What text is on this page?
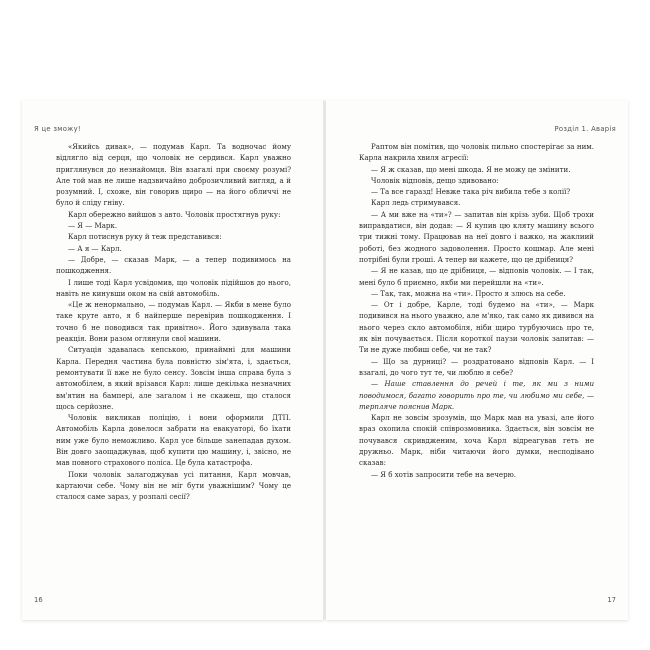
Я це зможу!

«Якийсь дивак», — подумав Карл. Та водночас йому відлягло від серця, що чоловік не сердився. Карл уважно приглянувся до незнайомця. Він взагалі при своєму розумі? Але той мав не лише надзвичайно доброзичливий вигляд, а й розумний. І, схоже, він говорив щиро — на його обличчі не було й сліду гніву.

Карл обережно вийшов з авто. Чоловік простягнув руку:

— Я — Марк.

Карл потиснув руку й теж представився:

— А я — Карл.

— Добре, — сказав Марк, — а тепер подивимось на пошкодження.

І лише тоді Карл усвідомив, що чоловік підійшов до нього, навіть не кинувши оком на свій автомобіль.

«Це ж ненормально, — подумав Карл. — Якби в мене було таке круте авто, я б найперше перевірив пошкодження. І точно б не поводився так привітно». Його здивувала така реакція. Вони разом оглянули свої машини.

Ситуація здавалась кепською, принаймні для машини Карла. Передня частина була повністю зім'ята, і, здається, ремонтувати її вже не було сенсу. Зовсім інша справа була з автомобілем, в який врізався Карл: лише декілька незначних вм'ятин на бампері, але загалом і не скажеш, що сталося щось серйозне.

Чоловік викликав поліцію, і вони оформили ДТП. Автомобіль Карла довелося забрати на евакуаторі, бо їхати ним уже було неможливо. Карл усе більше занепадав духом. Він довго заощаджував, щоб купити цю машину, і, звісно, не мав повного страхового поліса. Це була катастрофа.

Поки чоловік залагоджував усі питання, Карл мовчав, картаючи себе. Чому він не міг бути уважнішим? Чому це сталося саме зараз, у розпалі сесії?

16
Розділ 1. Аварія

Раптом він помітив, що чоловік пильно спостерігає за ним. Карла накрила хвиля агресії:

— Я ж сказав, що мені шкода. Я не можу це змінити.

Чоловік відповів, дещо здивовано:

— Та все гаразд! Невже така річ вибила тебе з колії?

Карл ледь стримувався.

— А ми вже на «ти»? — запитав він крізь зуби. Щоб трохи виправдатися, він додав: — Я купив цю кляту машину всього три тижні тому. Працював на неї довго і важко, на жаклиий роботі, без жодного задоволення. Просто кошмар. Але мені потрібні були гроші. А тепер ви кажете, що це дрібниця?

— Я не казав, що це дрібниця, — відповів чоловік. — І так, мені було б приємно, якби ми перейшли на «ти».

— Так, так, можна на «ти». Просто я злюсь на себе.

— От і добре, Карле, тоді будемо на «ти», — Марк подивився на нього уважно, але м'яко, так само як дивився на нього через скло автомобіля, ніби щиро турбуючись про те, як він почувається. Після короткої паузи чоловік запитав: — Ти не дуже любиш себе, чи не так?

— Що за дурниці? — роздратовано відповів Карл. — І взагалі, до чого тут те, чи люблю я себе?

— Наше ставлення до речей і те, як ми з ними поводимося, багато говорить про те, чи любимо ми себе, — терпляче пояснив Марк.

Карл не зовсім зрозумів, що Марк мав на увазі, але його враз охопила спокій співрозмовника. Здається, він зовсім не почувався скривдженим, хоча Карл відреагував геть не дружньо. Марк, ніби читаючи його думки, несподівано сказав:

— Я б хотів запросити тебе на вечерю.

17
